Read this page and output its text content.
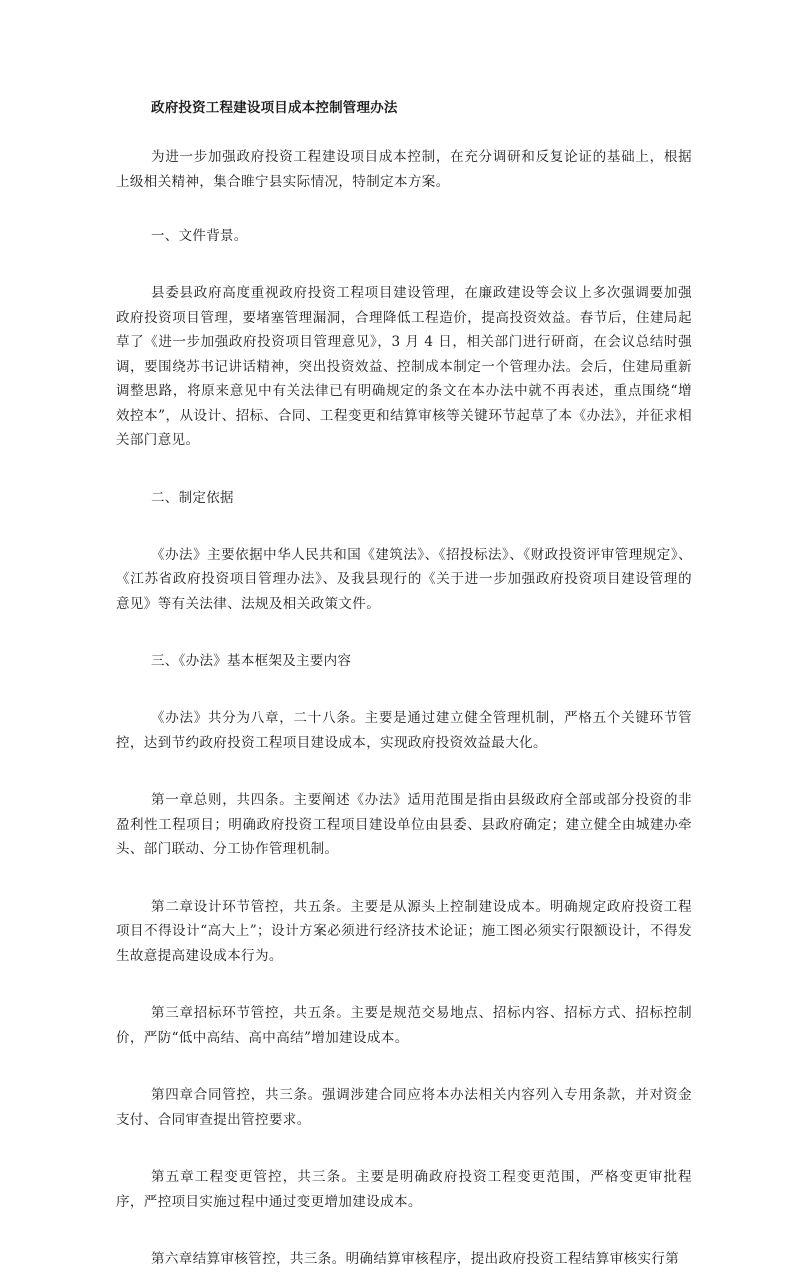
政府投资工程建设项目成本控制管理办法

为进一步加强政府投资工程建设项目成本控制，在充分调研和反复论证的基础上，根据上级相关精神，集合睢宁县实际情况，特制定本方案。

一、文件背景。

县委县政府高度重视政府投资工程项目建设管理，在廉政建设等会议上多次强调要加强政府投资项目管理，要堵塞管理漏洞，合理降低工程造价，提高投资效益。春节后，住建局起草了《进一步加强政府投资项目管理意见》，3 月 4 日，相关部门进行研商，在会议总结时强调，要围绕苏书记讲话精神，突出投资效益、控制成本制定一个管理办法。会后，住建局重新调整思路，将原来意见中有关法律已有明确规定的条文在本办法中就不再表述，重点围绕“增效控本”，从设计、招标、合同、工程变更和结算审核等关键环节起草了本《办法》，并征求相关部门意见。

二、制定依据

《办法》主要依据中华人民共和国《建筑法》、《招投标法》、《财政投资评审管理规定》、《江苏省政府投资项目管理办法》、及我县现行的《关于进一步加强政府投资项目建设管理的意见》等有关法律、法规及相关政策文件。

三、《办法》基本框架及主要内容

《办法》共分为八章，二十八条。主要是通过建立健全管理机制，严格五个关键环节管控，达到节约政府投资工程项目建设成本，实现政府投资效益最大化。

第一章总则，共四条。主要阐述《办法》适用范围是指由县级政府全部或部分投资的非盈利性工程项目；明确政府投资工程项目建设单位由县委、县政府确定；建立健全由城建办牵头、部门联动、分工协作管理机制。

第二章设计环节管控，共五条。主要是从源头上控制建设成本。明确规定政府投资工程项目不得设计“高大上”；设计方案必须进行经济技术论证；施工图必须实行限额设计，不得发生故意提高建设成本行为。

第三章招标环节管控，共五条。主要是规范交易地点、招标内容、招标方式、招标控制价，严防“低中高结、高中高结”增加建设成本。

第四章合同管控，共三条。强调涉建合同应将本办法相关内容列入专用条款，并对资金支付、合同审查提出管控要求。

第五章工程变更管控，共三条。主要是明确政府投资工程变更范围，严格变更审批程序，严控项目实施过程中通过变更增加建设成本。

第六章结算审核管控，共三条。明确结算审核程序，提出政府投资工程结算审核实行第
